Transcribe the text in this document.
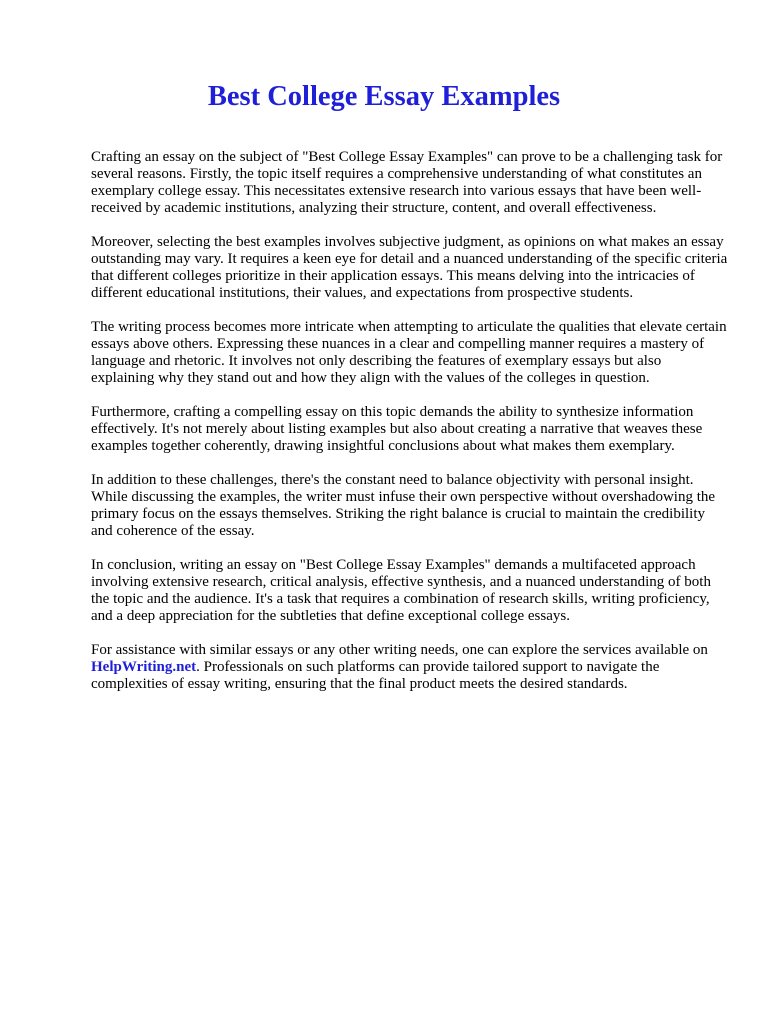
Best College Essay Examples

Crafting an essay on the subject of "Best College Essay Examples" can prove to be a challenging task for several reasons. Firstly, the topic itself requires a comprehensive understanding of what constitutes an exemplary college essay. This necessitates extensive research into various essays that have been well-received by academic institutions, analyzing their structure, content, and overall effectiveness.

Moreover, selecting the best examples involves subjective judgment, as opinions on what makes an essay outstanding may vary. It requires a keen eye for detail and a nuanced understanding of the specific criteria that different colleges prioritize in their application essays. This means delving into the intricacies of different educational institutions, their values, and expectations from prospective students.

The writing process becomes more intricate when attempting to articulate the qualities that elevate certain essays above others. Expressing these nuances in a clear and compelling manner requires a mastery of language and rhetoric. It involves not only describing the features of exemplary essays but also explaining why they stand out and how they align with the values of the colleges in question.

Furthermore, crafting a compelling essay on this topic demands the ability to synthesize information effectively. It's not merely about listing examples but also about creating a narrative that weaves these examples together coherently, drawing insightful conclusions about what makes them exemplary.

In addition to these challenges, there's the constant need to balance objectivity with personal insight. While discussing the examples, the writer must infuse their own perspective without overshadowing the primary focus on the essays themselves. Striking the right balance is crucial to maintain the credibility and coherence of the essay.

In conclusion, writing an essay on "Best College Essay Examples" demands a multifaceted approach involving extensive research, critical analysis, effective synthesis, and a nuanced understanding of both the topic and the audience. It's a task that requires a combination of research skills, writing proficiency, and a deep appreciation for the subtleties that define exceptional college essays.

For assistance with similar essays or any other writing needs, one can explore the services available on HelpWriting.net. Professionals on such platforms can provide tailored support to navigate the complexities of essay writing, ensuring that the final product meets the desired standards.
